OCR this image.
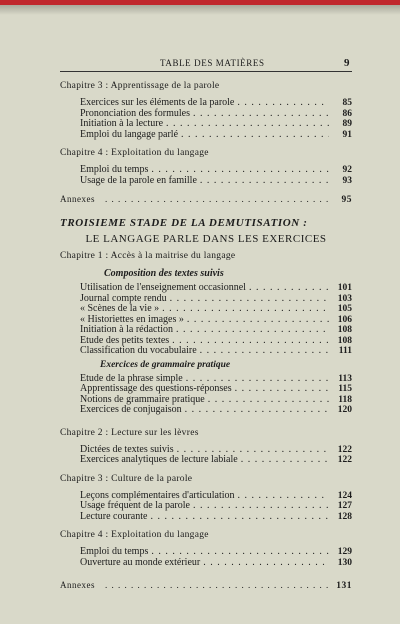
TABLE DES MATIÈRES	9
Chapitre 3 : Apprentissage de la parole
Exercices sur les éléments de la parole . . .	85
Prononciation des formules . . .	86
Initiation à la lecture . . .	89
Emploi du langage parlé . . .	91
Chapitre 4 : Exploitation du langage
Emploi du temps . . .	92
Usage de la parole en famille . . .	93
Annexes . . .	95
TROISIEME STADE DE LA DEMUTISATION :
LE LANGAGE PARLE DANS LES EXERCICES
Chapitre 1 : Accès à la maitrise du langage
Composition des textes suivis
Utilisation de l'enseignement occasionnel . . .	101
Journal compte rendu . . .	103
« Scènes de la vie » . . .	105
« Historiettes en images » . . .	106
Initiation à la rédaction . . .	108
Etude des petits textes . . .	108
Classification du vocabulaire . . .	111
Exercices de grammaire pratique
Etude de la phrase simple . . .	113
Apprentissage des questions-réponses . . .	115
Notions de grammaire pratique . . .	118
Exercices de conjugaison . . .	120
Chapitre 2 : Lecture sur les lèvres
Dictées de textes suivis . . .	122
Exercices analytiques de lecture labiale . . .	122
Chapitre 3 : Culture de la parole
Leçons complémentaires d'articulation . . .	124
Usage fréquent de la parole . . .	127
Lecture courante . . .	128
Chapitre 4 : Exploitation du langage
Emploi du temps . . .	129
Ouverture au monde extérieur . . .	130
Annexes . . .	131
